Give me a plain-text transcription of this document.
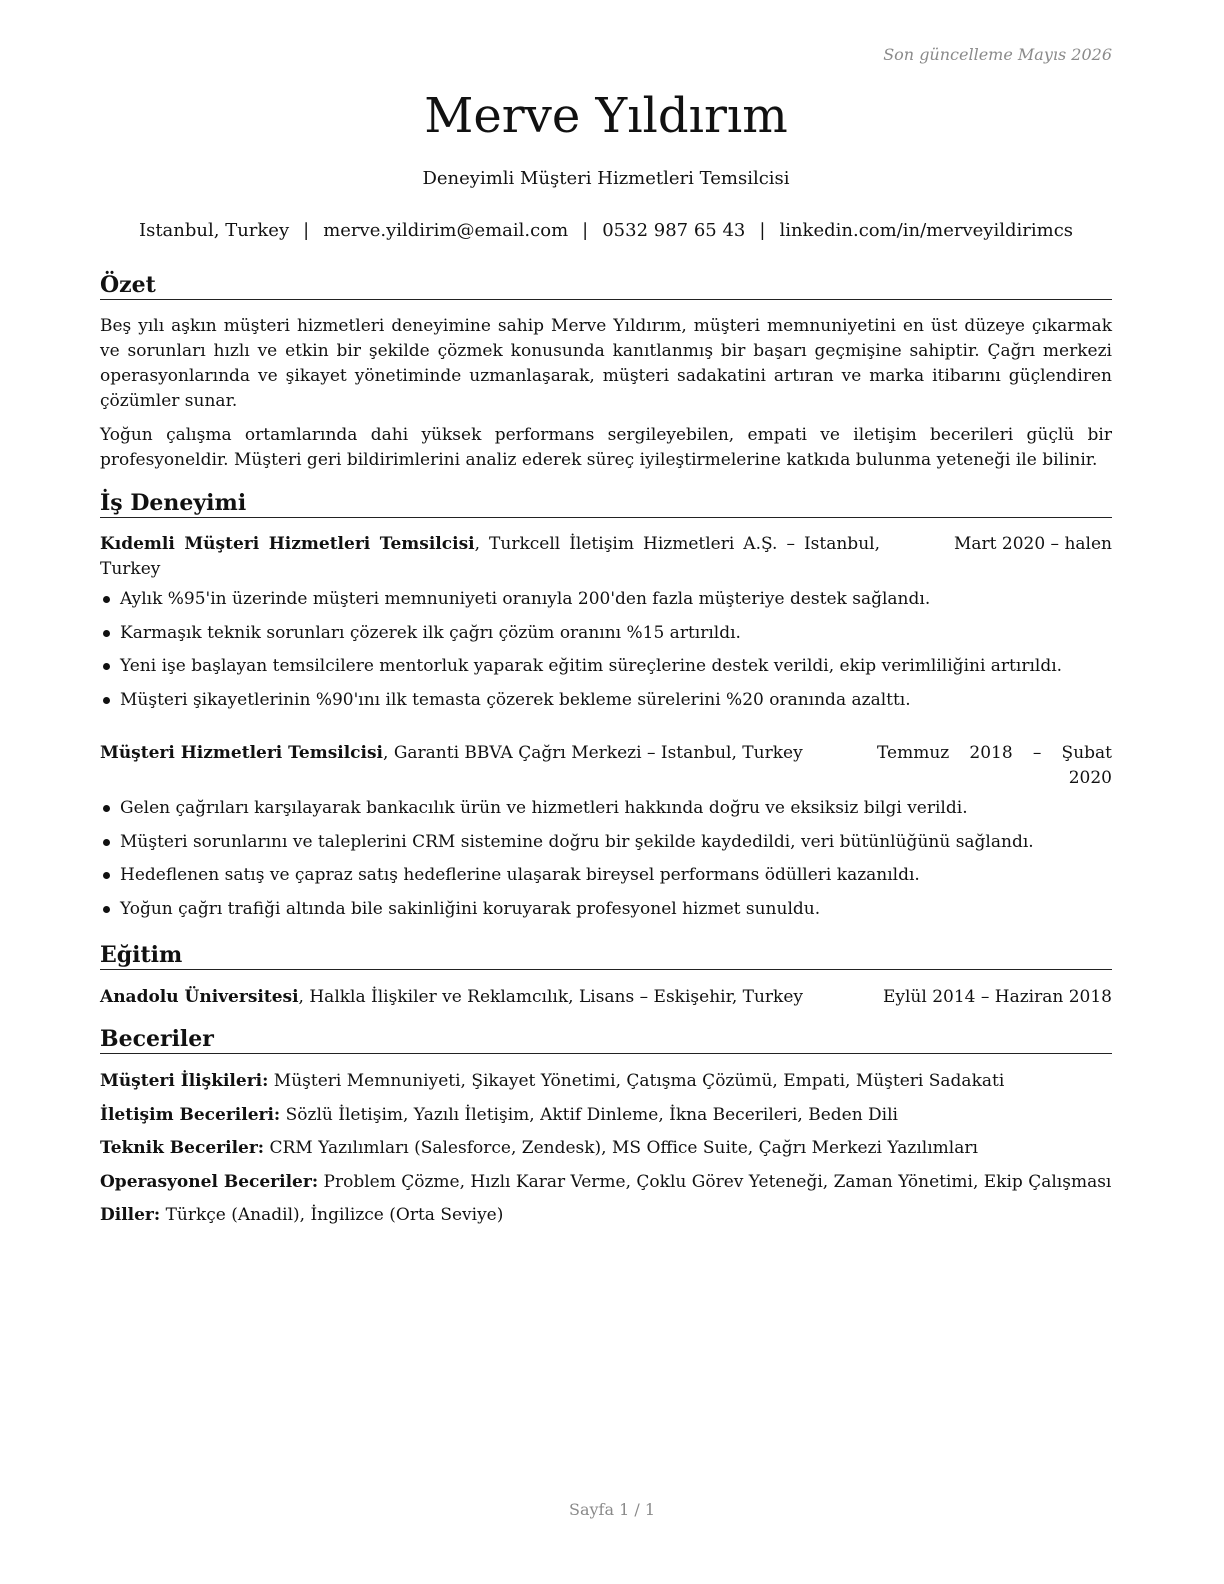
Son güncelleme Mayıs 2026
Merve Yıldırım
Deneyimli Müşteri Hizmetleri Temsilcisi
Istanbul, Turkey | merve.yildirim@email.com | 0532 987 65 43 | linkedin.com/in/merveyildirimcs
Özet

Beş yılı aşkın müşteri hizmetleri deneyimine sahip Merve Yıldırım, müşteri memnuniyetini en üst düzeye çıkarmak ve sorunları hızlı ve etkin bir şekilde çözmek konusunda kanıtlanmış bir başarı geçmişine sahiptir. Çağrı merkezi operasyonlarında ve şikayet yönetiminde uzmanlaşarak, müşteri sadakatini artıran ve marka itibarını güçlendiren çözümler sunar.

Yoğun çalışma ortamlarında dahi yüksek performans sergileyebilen, empati ve iletişim becerileri güçlü bir profesyoneldir. Müşteri geri bildirimlerini analiz ederek süreç iyileştirmelerine katkıda bulunma yeteneği ile bilinir.

İş Deneyimi
Kıdemli Müşteri Hizmetleri Temsilcisi, Turkcell İletişim Hizmetleri A.Ş. – Istanbul, Turkey
Mart 2020 – halen
Aylık %95'in üzerinde müşteri memnuniyeti oranıyla 200'den fazla müşteriye destek sağlandı.
Karmaşık teknik sorunları çözerek ilk çağrı çözüm oranını %15 artırıldı.
Yeni işe başlayan temsilcilere mentorluk yaparak eğitim süreçlerine destek verildi, ekip verimliliğini artırıldı.
Müşteri şikayetlerinin %90'ını ilk temasta çözerek bekleme sürelerini %20 oranında azalttı.
Müşteri Hizmetleri Temsilcisi, Garanti BBVA Çağrı Merkezi – Istanbul, Turkey	Temmuz 2018 – Şubat 2020
Gelen çağrıları karşılayarak bankacılık ürün ve hizmetleri hakkında doğru ve eksiksiz bilgi verildi.
Müşteri sorunlarını ve taleplerini CRM sistemine doğru bir şekilde kaydedildi, veri bütünlüğünü sağlandı.
Hedeflenen satış ve çapraz satış hedeflerine ulaşarak bireysel performans ödülleri kazanıldı.
Yoğun çağrı trafiği altında bile sakinliğini koruyarak profesyonel hizmet sunuldu.
Eğitim
Anadolu Üniversitesi, Halkla İlişkiler ve Reklamcılık, Lisans – Eskişehir, Turkey	Eylül 2014 – Haziran 2018
Beceriler
Müşteri İlişkileri: Müşteri Memnuniyeti, Şikayet Yönetimi, Çatışma Çözümü, Empati, Müşteri Sadakati
İletişim Becerileri: Sözlü İletişim, Yazılı İletişim, Aktif Dinleme, İkna Becerileri, Beden Dili
Teknik Beceriler: CRM Yazılımları (Salesforce, Zendesk), MS Office Suite, Çağrı Merkezi Yazılımları
Operasyonel Beceriler: Problem Çözme, Hızlı Karar Verme, Çoklu Görev Yeteneği, Zaman Yönetimi, Ekip Çalışması
Diller: Türkçe (Anadil), İngilizce (Orta Seviye)
Sayfa 1 / 1
